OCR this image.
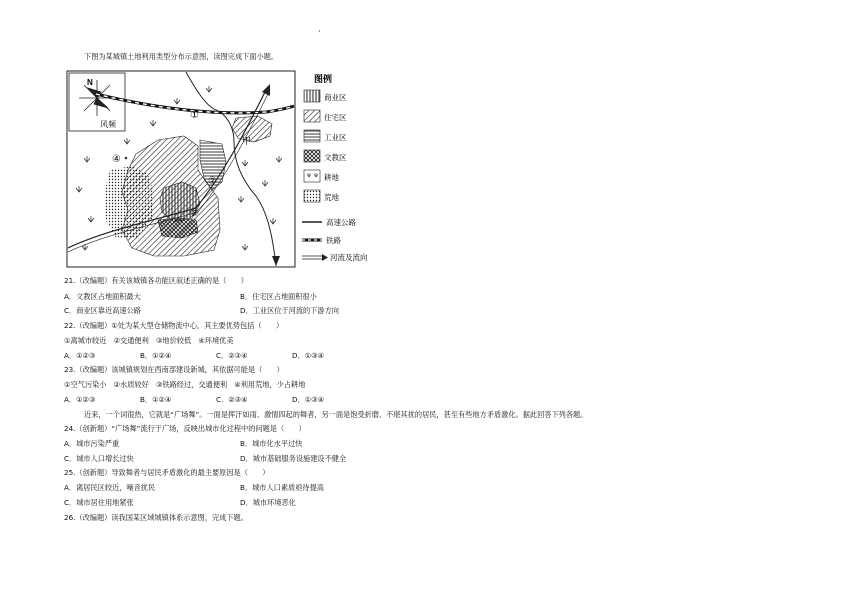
·
下图为某城镇土地利用类型分布示意图，读图完成下面小题。
N
风频
①
②
③
④
甲
图例
商业区
住宅区
工业区
文教区
耕地
荒地
高速公路
铁路
河流及流向
21.（改编题）有关该城镇各功能区叙述正确的是（　　）
A．文教区占地面积最大	B．住宅区占地面积很小
C．商业区靠近高速公路	D．工业区位于河流的下游方向
22.（改编题）①处为某大型仓储物流中心，其主要优势包括（　　）
①离城市较近　②交通便利　③地价较低　④环境优美
A．①②③	B．①②④	C．②③④	D．①③④
23.（改编题）该城镇规划在西南部建设新城，其依据可能是（　　）
①空气污染小　②水质较好　③铁路经过，交通便利　④利用荒地，少占耕地
A．①②③	B．①②④	C．②③④	D．①③④
近来，一个词很热，它就是“广场舞”。一面是挥汗如雨、激情四起的舞者，另一面是饱受折磨、不堪其扰的居民，甚至有些地方矛盾激化。据此回答下列各题。
24.（创新题）“广场舞”流行于广场，反映出城市化过程中的问题是（　　）
A．城市污染严重	B．城市化水平过快
C．城市人口增长过快	D．城市基础服务设施建设不健全
25.（创新题）导致舞者与居民矛盾激化的最主要原因是（　　）
A．离居民区较近，噪音扰民	B．城市人口素质亟待提高
C．城市居住用地紧张	D．城市环境恶化
26.（改编题）读我国某区域城镇体系示意图，完成下题。
